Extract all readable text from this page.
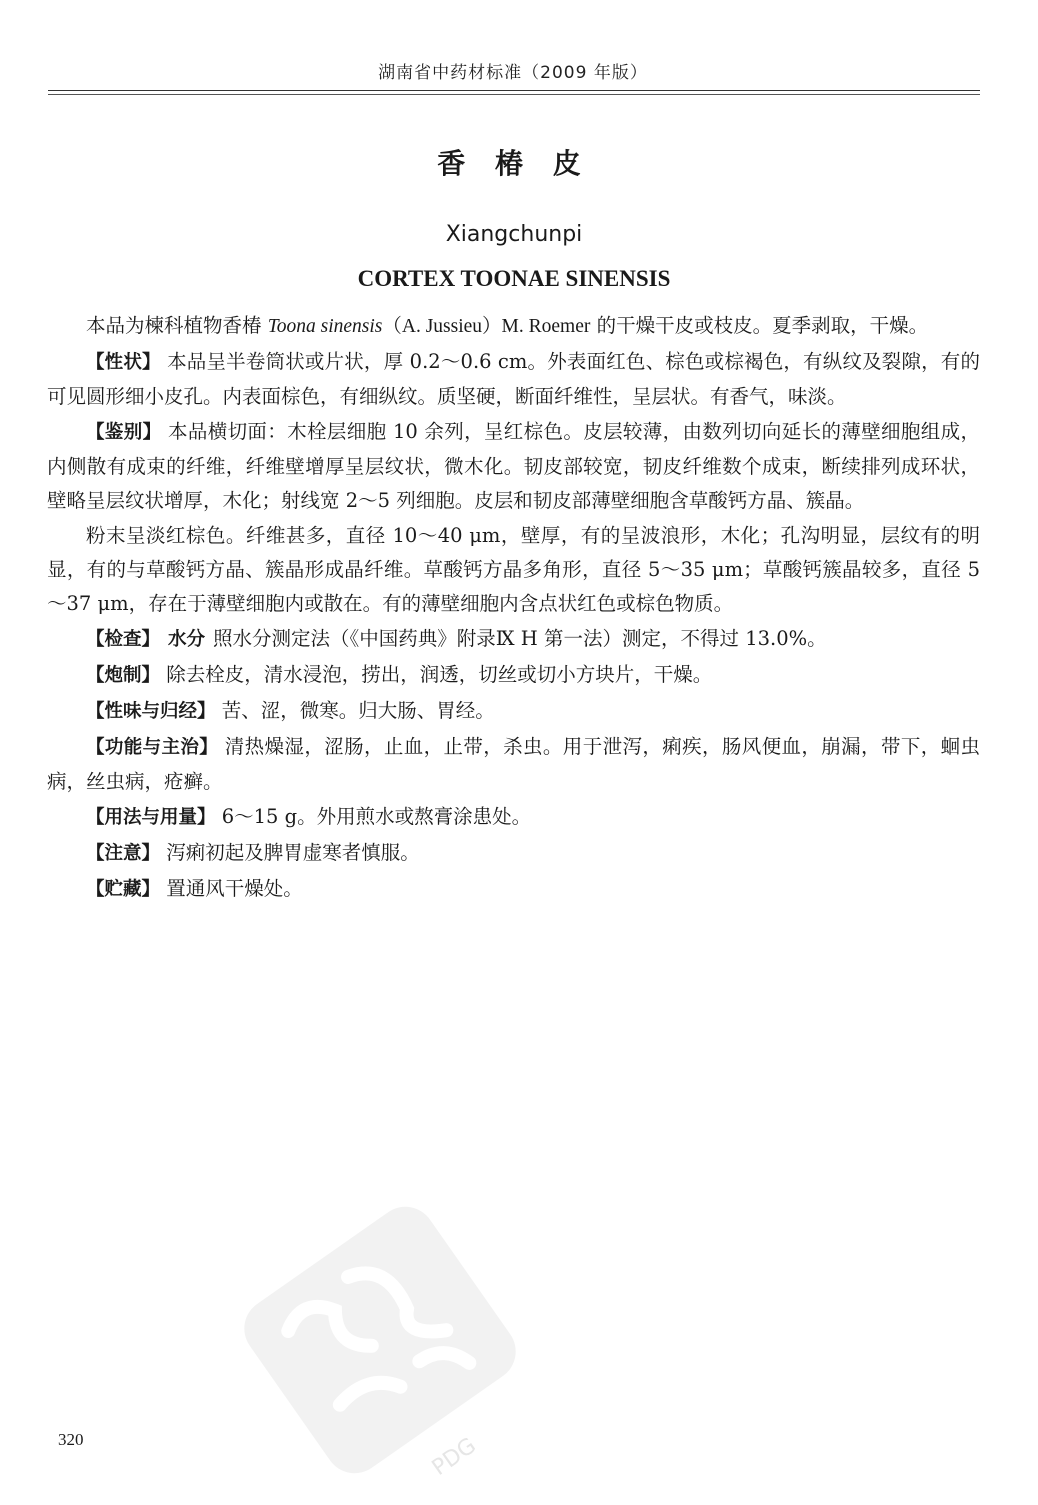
湖南省中药材标准（2009 年版）
香 椿 皮
Xiangchunpi
CORTEX TOONAE SINENSIS

本品为楝科植物香椿 Toona sinensis（A. Jussieu）M. Roemer 的干燥干皮或枝皮。夏季剥取，干燥。

【性状】 本品呈半卷筒状或片状，厚 0.2～0.6 cm。外表面红色、棕色或棕褐色，有纵纹及裂隙，有的可见圆形细小皮孔。内表面棕色，有细纵纹。质坚硬，断面纤维性，呈层状。有香气，味淡。

【鉴别】 本品横切面：木栓层细胞 10 余列，呈红棕色。皮层较薄，由数列切向延长的薄壁细胞组成，内侧散有成束的纤维，纤维壁增厚呈层纹状，微木化。韧皮部较宽，韧皮纤维数个成束，断续排列成环状，壁略呈层纹状增厚，木化；射线宽 2～5 列细胞。皮层和韧皮部薄壁细胞含草酸钙方晶、簇晶。

粉末呈淡红棕色。纤维甚多，直径 10～40 μm，壁厚，有的呈波浪形，木化；孔沟明显，层纹有的明显，有的与草酸钙方晶、簇晶形成晶纤维。草酸钙方晶多角形，直径 5～35 μm；草酸钙簇晶较多，直径 5～37 μm，存在于薄壁细胞内或散在。有的薄壁细胞内含点状红色或棕色物质。

【检查】 水分 照水分测定法（《中国药典》附录Ⅸ H 第一法）测定，不得过 13.0%。

【炮制】 除去栓皮，清水浸泡，捞出，润透，切丝或切小方块片，干燥。

【性味与归经】 苦、涩，微寒。归大肠、胃经。

【功能与主治】 清热燥湿，涩肠，止血，止带，杀虫。用于泄泻，痢疾，肠风便血，崩漏，带下，蛔虫病，丝虫病，疮癣。

【用法与用量】 6～15 g。外用煎水或熬膏涂患处。

【注意】 泻痢初起及脾胃虚寒者慎服。

【贮藏】 置通风干燥处。

PDG
320
